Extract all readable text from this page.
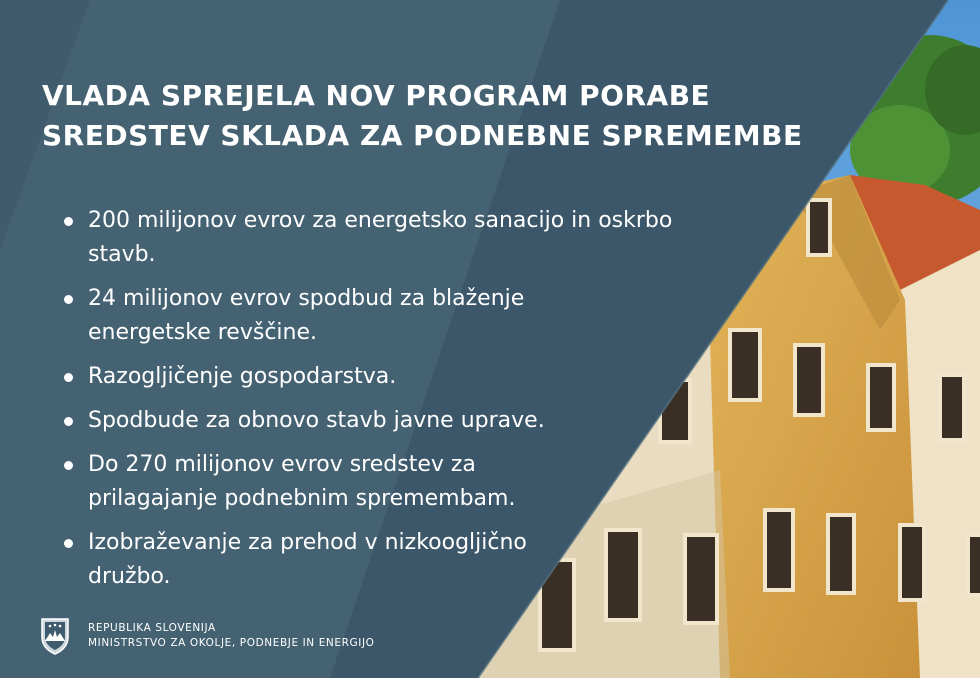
VLADA SPREJELA NOV PROGRAM PORABE
SREDSTEV SKLADA ZA PODNEBNE SPREMEMBE
200 milijonov evrov za energetsko sanacijo in oskrbo
stavb.
24 milijonov evrov spodbud za blaženje
energetske revščine.
Razogljičenje gospodarstva.
Spodbude za obnovo stavb javne uprave.
Do 270 milijonov evrov sredstev za
prilagajanje podnebnim spremembam.
Izobraževanje za prehod v nizkoogljično
družbo.
REPUBLIKA SLOVENIJA
MINISTRSTVO ZA OKOLJE, PODNEBJE IN ENERGIJO
